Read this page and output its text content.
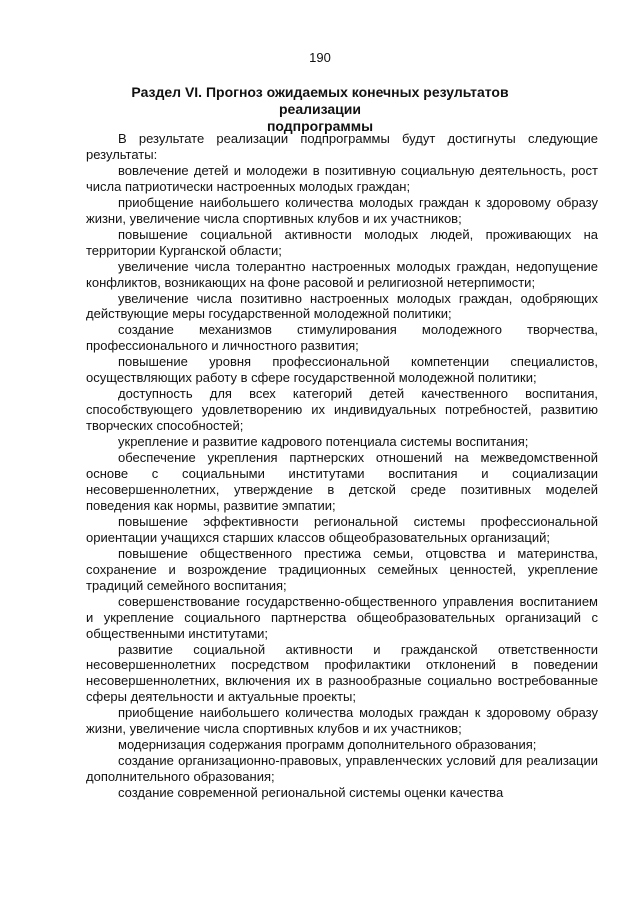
190
Раздел VI. Прогноз ожидаемых конечных результатов реализации
подпрограммы

В результате реализации подпрограммы будут достигнуты следующие результаты:

вовлечение детей и молодежи в позитивную социальную деятельность, рост числа патриотически настроенных молодых граждан;

приобщение наибольшего количества молодых граждан к здоровому образу жизни, увеличение числа спортивных клубов и их участников;

повышение социальной активности молодых людей, проживающих на территории Курганской области;

увеличение числа толерантно настроенных молодых граждан, недопущение конфликтов, возникающих на фоне расовой и религиозной нетерпимости;

увеличение числа позитивно настроенных молодых граждан, одобряющих действующие меры государственной молодежной политики;

создание механизмов стимулирования молодежного творчества, профессионального и личностного развития;

повышение уровня профессиональной компетенции специалистов, осуществляющих работу в сфере государственной молодежной политики;

доступность для всех категорий детей качественного воспитания, способствующего удовлетворению их индивидуальных потребностей, развитию творческих способностей;

укрепление и развитие кадрового потенциала системы воспитания;

обеспечение укрепления партнерских отношений на межведомственной основе с социальными институтами воспитания и социализации несовершеннолетних, утверждение в детской среде позитивных моделей поведения как нормы, развитие эмпатии;

повышение эффективности региональной системы профессиональной ориентации учащихся старших классов общеобразовательных организаций;

повышение общественного престижа семьи, отцовства и материнства, сохранение и возрождение традиционных семейных ценностей, укрепление традиций семейного воспитания;

совершенствование государственно-общественного управления воспитанием и укрепление социального партнерства общеобразовательных организаций с общественными институтами;

развитие социальной активности и гражданской ответственности несовершеннолетних посредством профилактики отклонений в поведении несовершеннолетних, включения их в разнообразные социально востребованные сферы деятельности и актуальные проекты;

приобщение наибольшего количества молодых граждан к здоровому образу жизни, увеличение числа спортивных клубов и их участников;

модернизация содержания программ дополнительного образования;

создание организационно-правовых, управленческих условий для реализации дополнительного образования;

создание современной региональной системы оценки качества
